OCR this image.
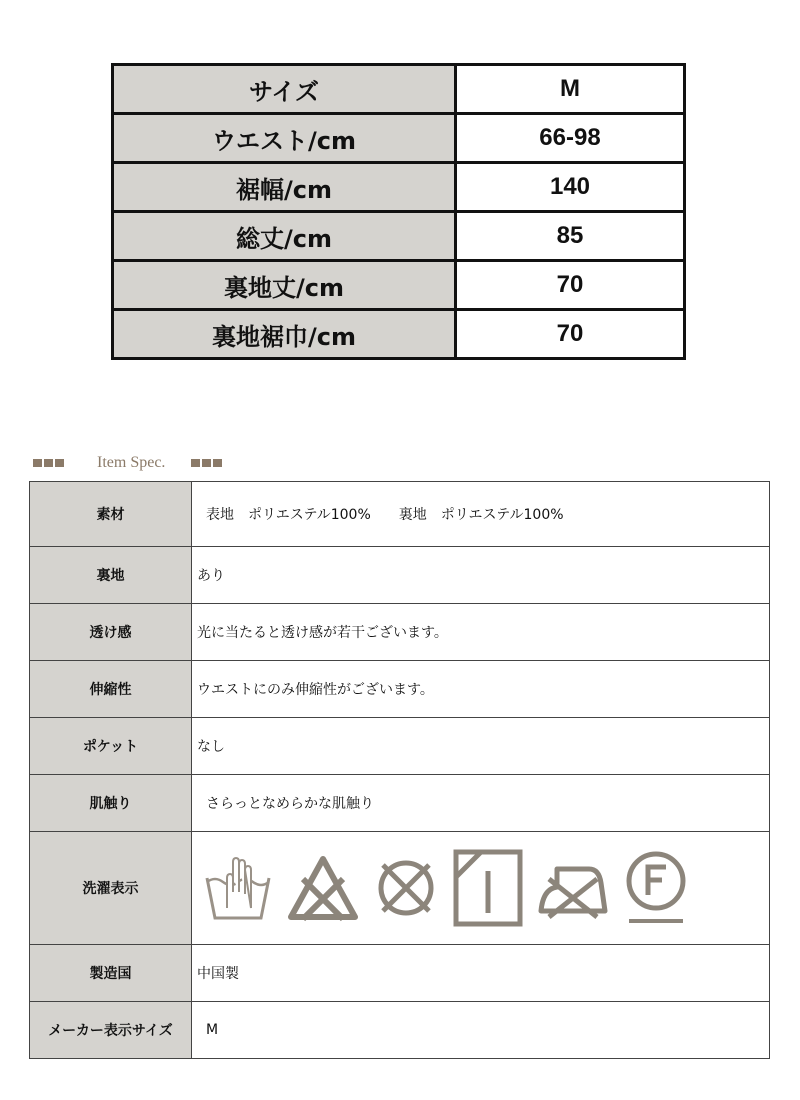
サイズ	M
ウエスト/cm	66-98
裾幅/cm	140
総丈/cm	85
裏地丈/cm	70
裏地裾巾/cm	70
Item Spec.
素材	表地　ポリエステル100%　　裏地　ポリエステル100%
裏地	あり
透け感	光に当たると透け感が若干ございます。
伸縮性	ウエストにのみ伸縮性がございます。
ポケット	なし
肌触り	さらっとなめらかな肌触り
洗濯表示	

製造国	中国製
メーカー表示サイズ	M
